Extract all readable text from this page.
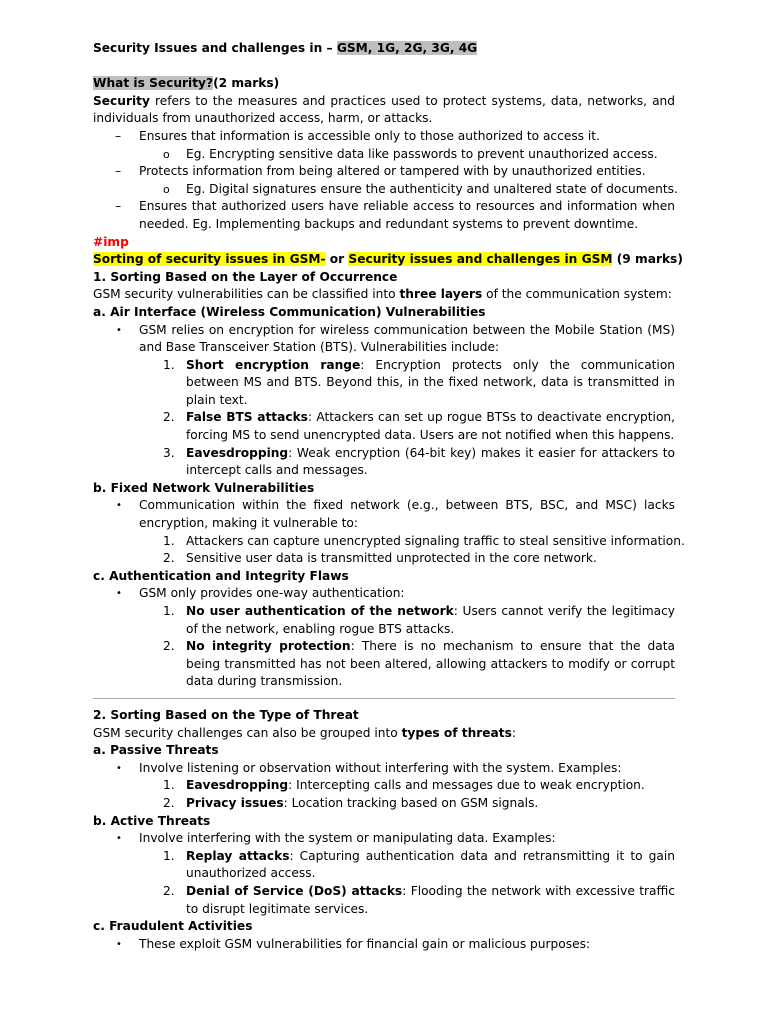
Security Issues and challenges in – GSM, 1G, 2G, 3G, 4G
What is Security?(2 marks)
Security refers to the measures and practices used to protect systems, data, networks, and individuals from unauthorized access, harm, or attacks.
– Ensures that information is accessible only to those authorized to access it.
o Eg. Encrypting sensitive data like passwords to prevent unauthorized access.
– Protects information from being altered or tampered with by unauthorized entities.
o Eg. Digital signatures ensure the authenticity and unaltered state of documents.
– Ensures that authorized users have reliable access to resources and information when needed. Eg. Implementing backups and redundant systems to prevent downtime.
#imp
Sorting of security issues in GSM- or Security issues and challenges in GSM (9 marks)
1. Sorting Based on the Layer of Occurrence
GSM security vulnerabilities can be classified into three layers of the communication system:
a. Air Interface (Wireless Communication) Vulnerabilities
• GSM relies on encryption for wireless communication between the Mobile Station (MS) and Base Transceiver Station (BTS). Vulnerabilities include:
1. Short encryption range: Encryption protects only the communication between MS and BTS. Beyond this, in the fixed network, data is transmitted in plain text.
2. False BTS attacks: Attackers can set up rogue BTSs to deactivate encryption, forcing MS to send unencrypted data. Users are not notified when this happens.
3. Eavesdropping: Weak encryption (64-bit key) makes it easier for attackers to intercept calls and messages.
b. Fixed Network Vulnerabilities
• Communication within the fixed network (e.g., between BTS, BSC, and MSC) lacks encryption, making it vulnerable to:
1. Attackers can capture unencrypted signaling traffic to steal sensitive information.
2. Sensitive user data is transmitted unprotected in the core network.
c. Authentication and Integrity Flaws
• GSM only provides one-way authentication:
1. No user authentication of the network: Users cannot verify the legitimacy of the network, enabling rogue BTS attacks.
2. No integrity protection: There is no mechanism to ensure that the data being transmitted has not been altered, allowing attackers to modify or corrupt data during transmission.
2. Sorting Based on the Type of Threat
GSM security challenges can also be grouped into types of threats:
a. Passive Threats
• Involve listening or observation without interfering with the system. Examples:
1. Eavesdropping: Intercepting calls and messages due to weak encryption.
2. Privacy issues: Location tracking based on GSM signals.
b. Active Threats
• Involve interfering with the system or manipulating data. Examples:
1. Replay attacks: Capturing authentication data and retransmitting it to gain unauthorized access.
2. Denial of Service (DoS) attacks: Flooding the network with excessive traffic to disrupt legitimate services.
c. Fraudulent Activities
• These exploit GSM vulnerabilities for financial gain or malicious purposes:
